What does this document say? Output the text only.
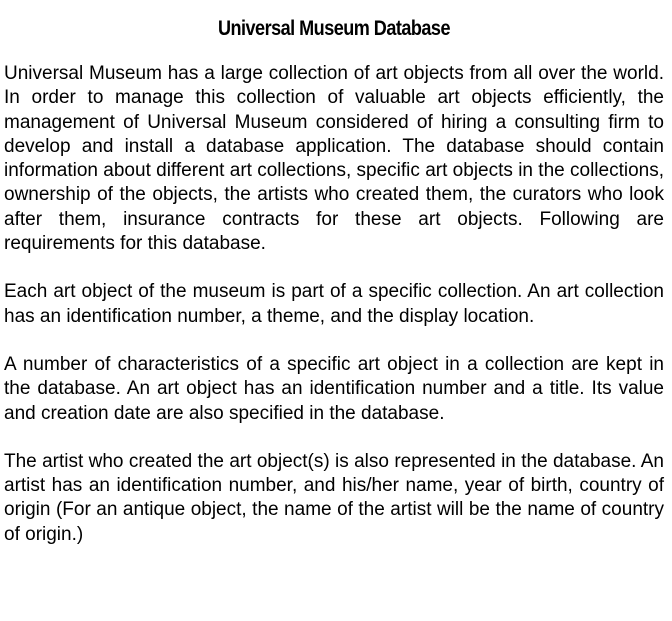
Universal Museum Database

Universal Museum has a large collection of art objects from all over the world. In order to manage this collection of valuable art objects efficiently, the management of Universal Museum considered of hiring a consulting firm to develop and install a database application. The database should contain information about different art collections, specific art objects in the collections, ownership of the objects, the artists who created them, the curators who look after them, insurance contracts for these art objects. Following are requirements for this database.

Each art object of the museum is part of a specific collection. An art collection has an identification number, a theme, and the display location.

A number of characteristics of a specific art object in a collection are kept in the database. An art object has an identification number and a title. Its value and creation date are also specified in the database.

The artist who created the art object(s) is also represented in the database. An artist has an identification number, and his/her name, year of birth, country of origin (For an antique object, the name of the artist will be the name of country of origin.)
